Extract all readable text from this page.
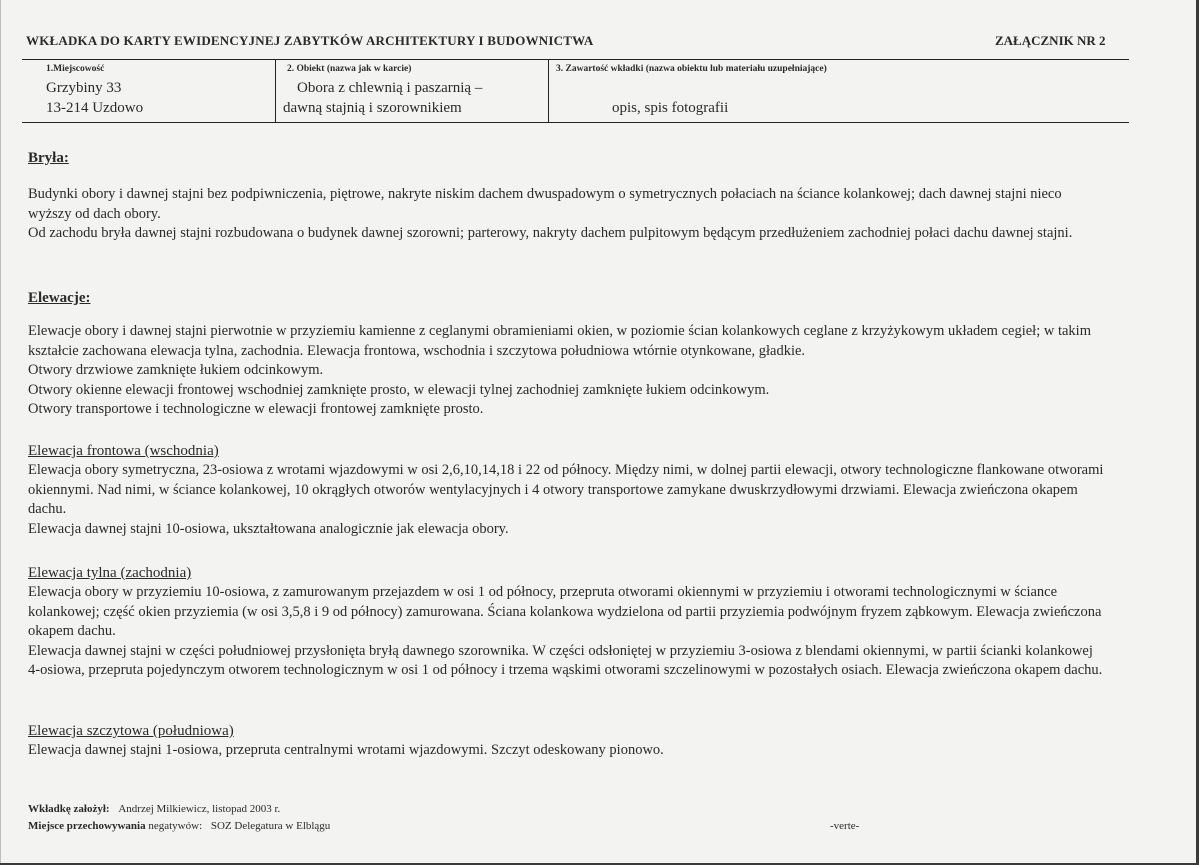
WKŁADKA DO KARTY EWIDENCYJNEJ ZABYTKÓW ARCHITEKTURY I BUDOWNICTWA	ZAŁĄCZNIK NR 2
1.Miejscowość
Grzybiny 33
13-214 Uzdowo
2. Obiekt (nazwa jak w karcie)
Obora z chlewnią i paszarnią –
dawną stajnią i szorownikiem
3. Zawartość wkładki (nazwa obiektu lub materiału uzupełniające)
opis, spis fotografii
Bryła:

Budynki obory i dawnej stajni bez podpiwniczenia, piętrowe, nakryte niskim dachem dwuspadowym o symetrycznych połaciach na ściance kolankowej; dach dawnej stajni nieco wyższy od dach obory.

Od zachodu bryła dawnej stajni rozbudowana o budynek dawnej szorowni; parterowy, nakryty dachem pulpitowym będącym przedłużeniem zachodniej połaci dachu dawnej stajni.

Elewacje:

Elewacje obory i dawnej stajni pierwotnie w przyziemiu kamienne z ceglanymi obramieniami okien, w poziomie ścian kolankowych ceglane z krzyżykowym układem cegieł; w takim kształcie zachowana elewacja tylna, zachodnia. Elewacja frontowa, wschodnia i szczytowa południowa wtórnie otynkowane, gładkie.

Otwory drzwiowe zamknięte łukiem odcinkowym.

Otwory okienne elewacji frontowej wschodniej zamknięte prosto, w elewacji tylnej zachodniej zamknięte łukiem odcinkowym.

Otwory transportowe i technologiczne w elewacji frontowej zamknięte prosto.

Elewacja frontowa (wschodnia)

Elewacja obory symetryczna, 23-osiowa z wrotami wjazdowymi w osi 2,6,10,14,18 i 22 od północy. Między nimi, w dolnej partii elewacji, otwory technologiczne flankowane otworami okiennymi. Nad nimi, w ściance kolankowej, 10 okrągłych otworów wentylacyjnych i 4 otwory transportowe zamykane dwuskrzydłowymi drzwiami. Elewacja zwieńczona okapem dachu.

Elewacja dawnej stajni 10-osiowa, ukształtowana analogicznie jak elewacja obory.

Elewacja tylna (zachodnia)

Elewacja obory w przyziemiu 10-osiowa, z zamurowanym przejazdem w osi 1 od północy, przepruta otworami okiennymi w przyziemiu i otworami technologicznymi w ściance kolankowej; część okien przyziemia (w osi 3,5,8 i 9 od północy) zamurowana. Ściana kolankowa wydzielona od partii przyziemia podwójnym fryzem ząbkowym. Elewacja zwieńczona okapem dachu.

Elewacja dawnej stajni w części południowej przysłonięta bryłą dawnego szorownika. W części odsłoniętej w przyziemiu 3-osiowa z blendami okiennymi, w partii ścianki kolankowej 4-osiowa, przepruta pojedynczym otworem technologicznym w osi 1 od północy i trzema wąskimi otworami szczelinowymi w pozostałych osiach. Elewacja zwieńczona okapem dachu.

Elewacja szczytowa (południowa)

Elewacja dawnej stajni 1-osiowa, przepruta centralnymi wrotami wjazdowymi. Szczyt odeskowany pionowo.

Wkładkę założył: Andrzej Milkiewicz, listopad 2003 r.
Miejsce przechowywania negatywów: SOZ Delegatura w Elblągu	-verte-
